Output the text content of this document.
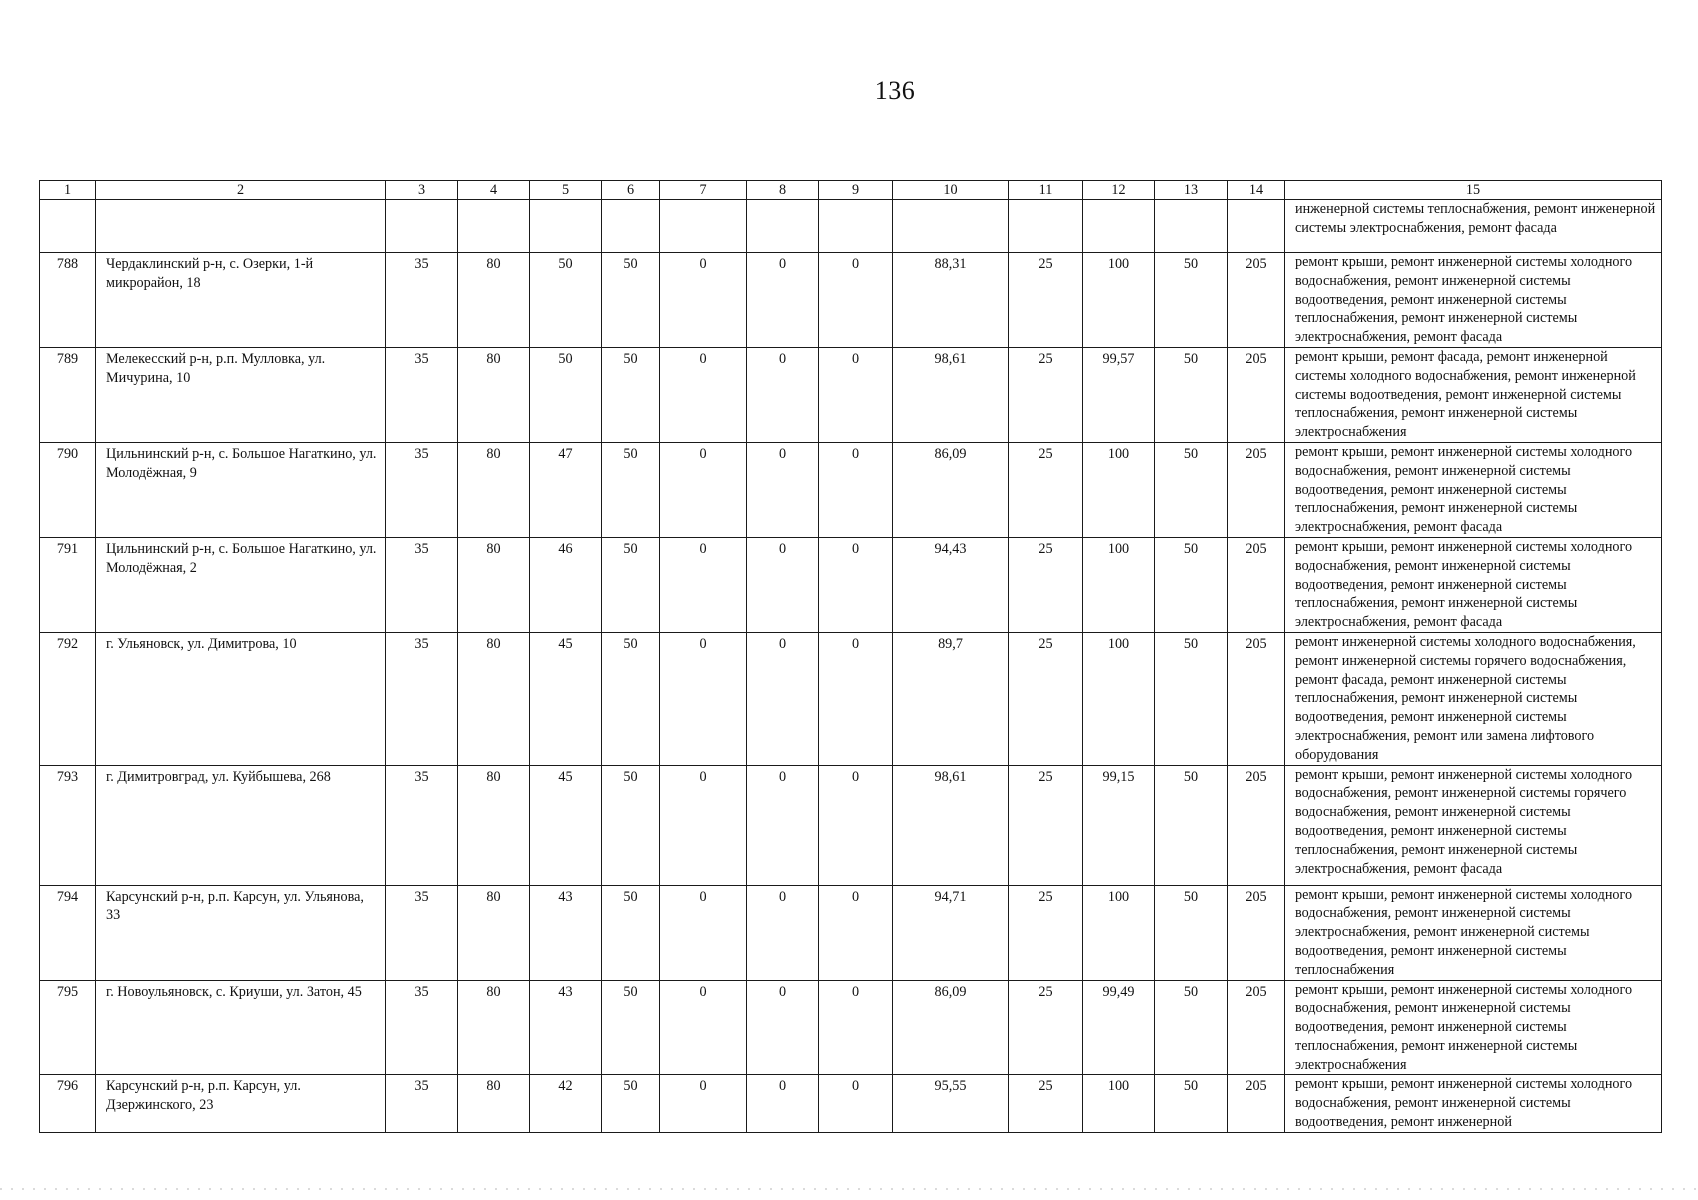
136
1	2	3	4	5	6	7	8	9	10	11	12	13	14	15
														инженерной системы теплоснабжения, ремонт инженерной системы электроснабжения, ремонт фасада
788	Чердаклинский р-н, с. Озерки, 1-й микрорайон, 18	35	80	50	50	0	0	0	88,31	25	100	50	205	ремонт крыши, ремонт инженерной системы холодного водоснабжения, ремонт инженерной системы водоотведения, ремонт инженерной системы теплоснабжения, ремонт инженерной системы электроснабжения, ремонт фасада
789	Мелекесский р-н, р.п. Мулловка, ул. Мичурина, 10	35	80	50	50	0	0	0	98,61	25	99,57	50	205	ремонт крыши, ремонт фасада, ремонт инженерной системы холодного водоснабжения, ремонт инженерной системы водоотведения, ремонт инженерной системы теплоснабжения, ремонт инженерной системы электроснабжения
790	Цильнинский р-н, с. Большое Нагаткино, ул. Молодёжная, 9	35	80	47	50	0	0	0	86,09	25	100	50	205	ремонт крыши, ремонт инженерной системы холодного водоснабжения, ремонт инженерной системы водоотведения, ремонт инженерной системы теплоснабжения, ремонт инженерной системы электроснабжения, ремонт фасада
791	Цильнинский р-н, с. Большое Нагаткино, ул. Молодёжная, 2	35	80	46	50	0	0	0	94,43	25	100	50	205	ремонт крыши, ремонт инженерной системы холодного водоснабжения, ремонт инженерной системы водоотведения, ремонт инженерной системы теплоснабжения, ремонт инженерной системы электроснабжения, ремонт фасада
792	г. Ульяновск, ул. Димитрова, 10	35	80	45	50	0	0	0	89,7	25	100	50	205	ремонт инженерной системы холодного водоснабжения, ремонт инженерной системы горячего водоснабжения, ремонт фасада, ремонт инженерной системы теплоснабжения, ремонт инженерной системы водоотведения, ремонт инженерной системы электроснабжения, ремонт или замена лифтового оборудования
793	г. Димитровград, ул. Куйбышева, 268	35	80	45	50	0	0	0	98,61	25	99,15	50	205	ремонт крыши, ремонт инженерной системы холодного водоснабжения, ремонт инженерной системы горячего водоснабжения, ремонт инженерной системы водоотведения, ремонт инженерной системы теплоснабжения, ремонт инженерной системы электроснабжения, ремонт фасада
794	Карсунский р-н, р.п. Карсун, ул. Ульянова, 33	35	80	43	50	0	0	0	94,71	25	100	50	205	ремонт крыши, ремонт инженерной системы холодного водоснабжения, ремонт инженерной системы электроснабжения, ремонт инженерной системы водоотведения, ремонт инженерной системы теплоснабжения
795	г. Новоульяновск, с. Криуши, ул. Затон, 45	35	80	43	50	0	0	0	86,09	25	99,49	50	205	ремонт крыши, ремонт инженерной системы холодного водоснабжения, ремонт инженерной системы водоотведения, ремонт инженерной системы теплоснабжения, ремонт инженерной системы электроснабжения
796	Карсунский р-н, р.п. Карсун, ул. Дзержинского, 23	35	80	42	50	0	0	0	95,55	25	100	50	205	ремонт крыши, ремонт инженерной системы холодного водоснабжения, ремонт инженерной системы водоотведения, ремонт инженерной
